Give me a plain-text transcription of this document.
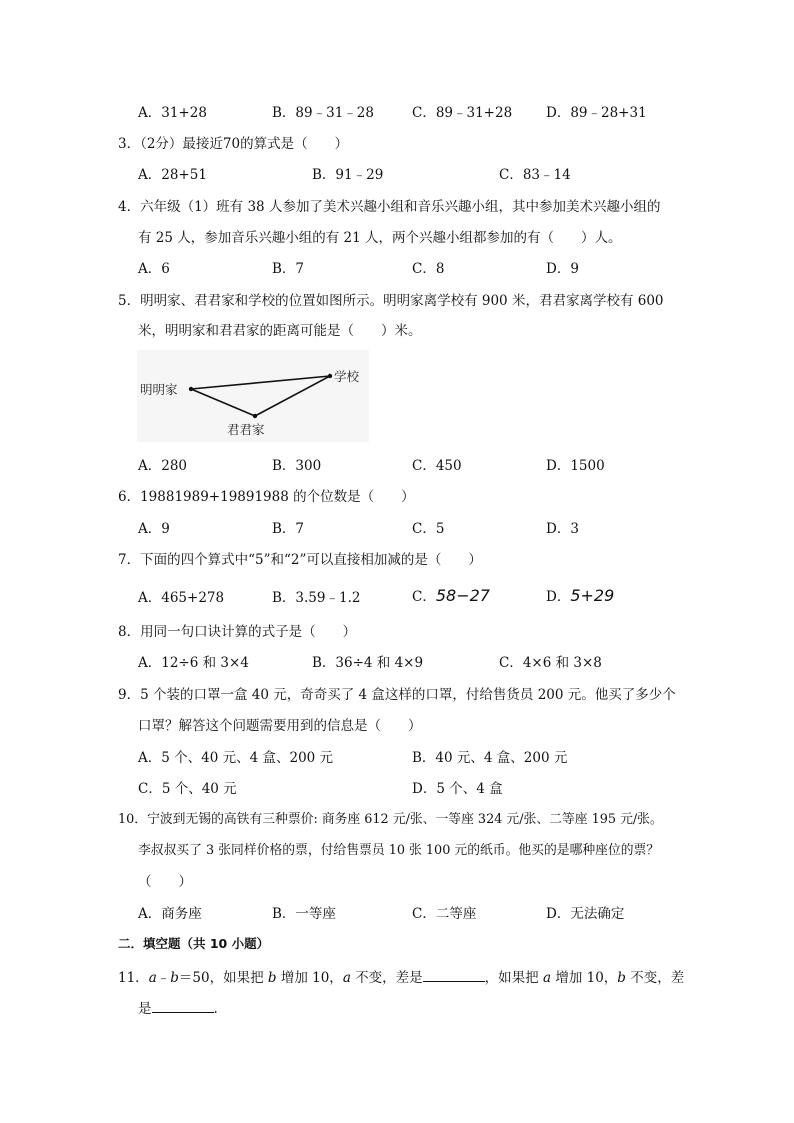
A．31+28	B．89﹣31﹣28	C．89﹣31+28	D．89﹣28+31
3．（2分）最接近70的算式是（　　）
A．28+51	B．91﹣29	C．83﹣14
4．六年级（1）班有 38 人参加了美术兴趣小组和音乐兴趣小组，其中参加美术兴趣小组的
有 25 人，参加音乐兴趣小组的有 21 人，两个兴趣小组都参加的有（　　）人。
A．6	B．7	C．8	D．9
5．明明家、君君家和学校的位置如图所示。明明家离学校有 900 米，君君家离学校有 600
米，明明家和君君家的距离可能是（　　）米。
明明家
学校
君君家
A．280	B．300	C．450	D．1500
6．19881989+19891988 的个位数是（　　）
A．9	B．7	C．5	D．3
7．下面的四个算式中“5”和“2”可以直接相加减的是（　　）
A．465+278	B．3.59﹣1.2	C．58−27	D．5+29
8．用同一句口诀计算的式子是（　　）
A．12÷6 和 3×4	B．36÷4 和 4×9	C．4×6 和 3×8
9．5 个装的口罩一盒 40 元，奇奇买了 4 盒这样的口罩，付给售货员 200 元。他买了多少个
口罩？解答这个问题需要用到的信息是（　　）
A．5 个、40 元、4 盒、200 元	B．40 元、4 盒、200 元
C．5 个、40 元	D．5 个、4 盒
10．宁波到无锡的高铁有三种票价: 商务座 612 元/张、一等座 324 元/张、二等座 195 元/张。
李叔叔买了 3 张同样价格的票，付给售票员 10 张 100 元的纸币。他买的是哪种座位的票？
（　　）
A．商务座	B．一等座	C．二等座	D．无法确定
二．填空题（共 10 小题）
11．a﹣b＝50，如果把 b 增加 10，a 不变，差是	，如果把 a 增加 10，b 不变，差
是	.
